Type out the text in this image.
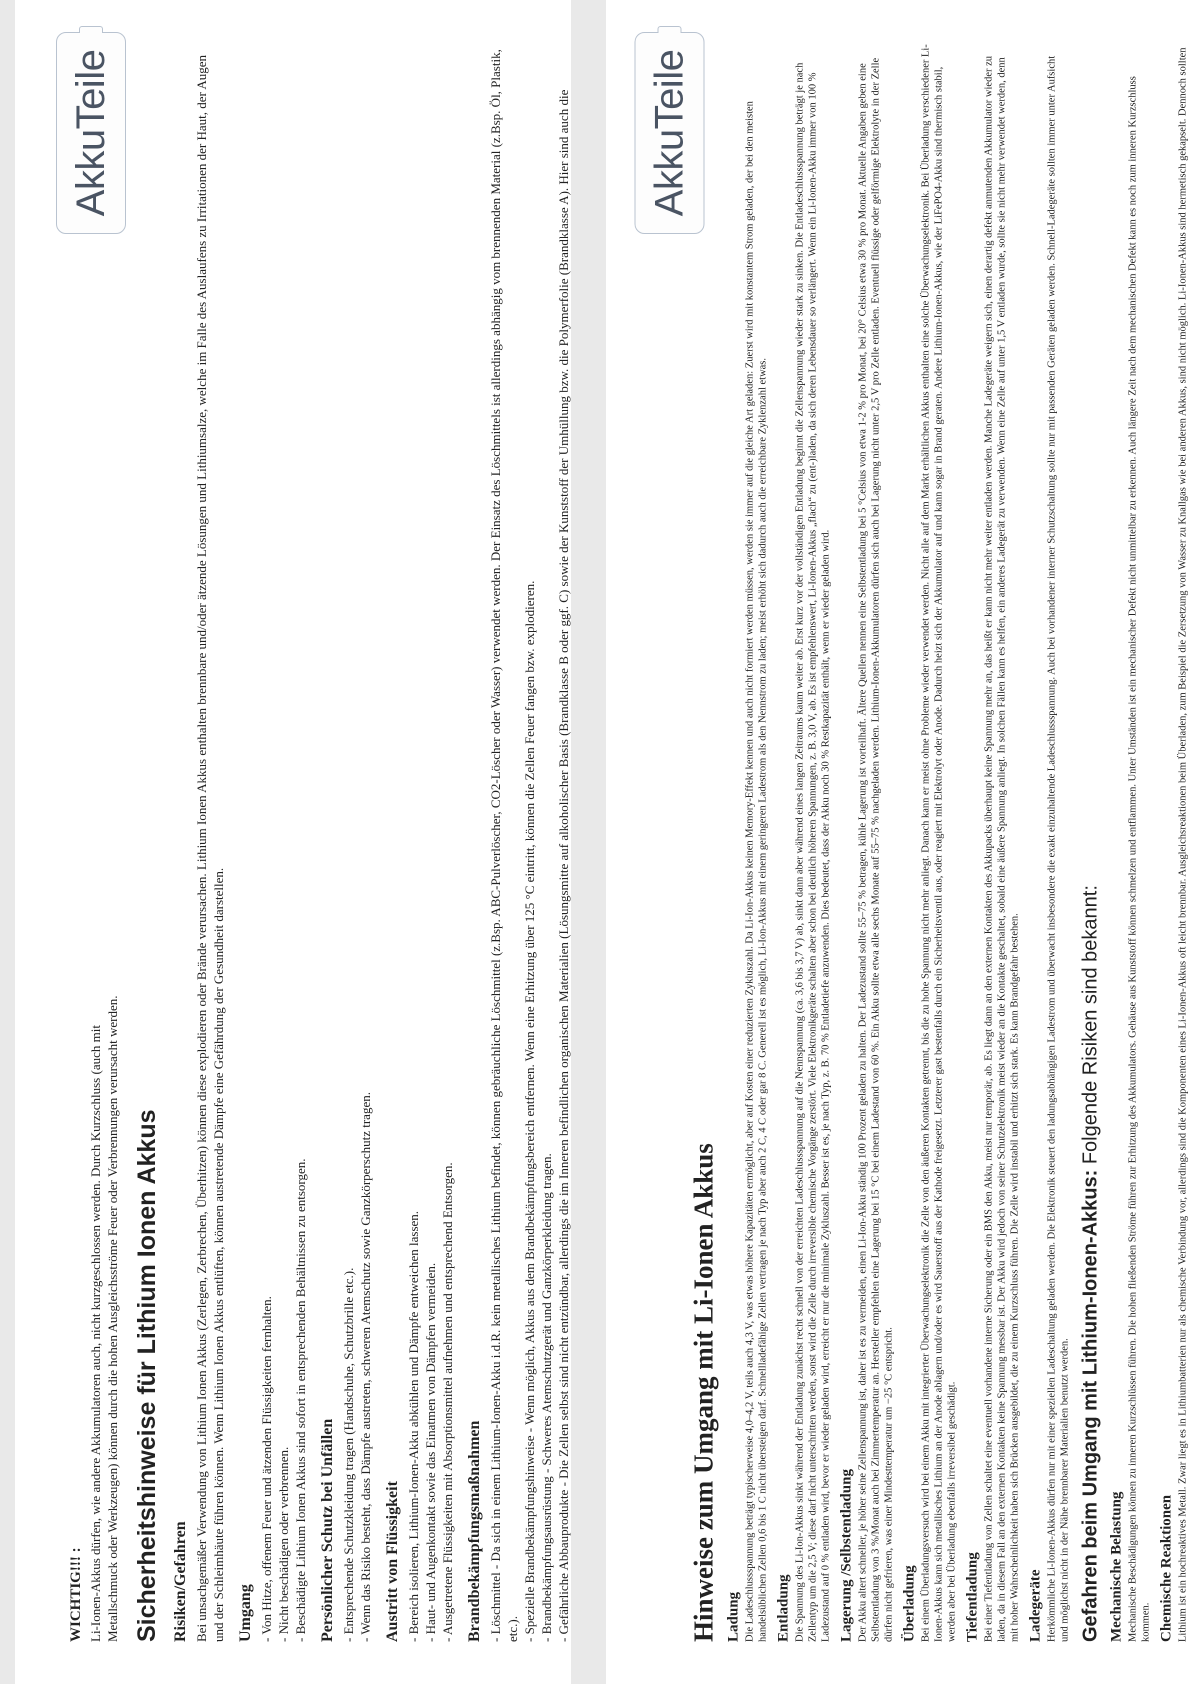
AkkuTeile
WICHTIG!!! : Li-Ionen-Akkus dürfen, wie andere Akkumulatoren auch, nicht kurzgeschlossen werden. Durch Kurzschluss (auch mit Metallschmuck oder Werkzeugen) können durch die hohen Ausgleichsströme Feuer oder Verbrennungen verursacht werden. Sicherheitshinweise für Lithium Ionen Akkus Risiken/Gefahren Bei unsachgemäßer Verwendung von Lithium Ionen Akkus (Zerlegen, Zerbrechen, Überhitzen) können diese explodieren oder Brände verursachen. Lithium Ionen Akkus enthalten brennbare und/oder ätzende Lösungen und Lithiumsalze, welche im Falle des Auslaufens zu Irritationen der Haut, der Augen und der Schleimhäute führen können. Wenn Lithium Ionen Akkus entlüften, können austretende Dämpfe eine Gefährdung der Gesundheit darstellen. Umgang - Von Hitze, offenem Feuer und ätzenden Flüssigkeiten fernhalten. - Nicht beschädigen oder verbrennen. - Beschädigte Lithium Ionen Akkus sind sofort in entsprechenden Behältnissen zu entsorgen. Persönlicher Schutz bei Unfällen - Entsprechende Schutzkleidung tragen (Handschuhe, Schutzbrille etc.). - Wenn das Risiko besteht, dass Dämpfe austreten, schweren Atemschutz sowie Ganzkörperschutz tragen. Austritt von Flüssigkeit - Bereich isolieren, Lithium-Ionen-Akku abkühlen und Dämpfe entweichen lassen. - Haut- und Augenkontakt sowie das Einatmen von Dämpfen vermeiden. - Ausgetretene Flüssigkeiten mit Absorptionsmittel aufnehmen und entsprechend Entsorgen. Brandbekämpfungsmaßnahmen - Löschmittel - Da sich in einem Lithium-Ionen-Akku i.d.R. kein metallisches Lithium befindet, können gebräuchliche Löschmittel (z.Bsp. ABC-Pulverlöscher, CO2-Löscher oder Wasser) verwendet werden. Der Einsatz des Löschmittels ist allerdings abhängig vom brennenden Material (z.Bsp. Öl, Plastik, etc.). - Spezielle Brandbekämpfungshinweise - Wenn möglich, Akkus aus dem Brandbekämpfungsbereich entfernen. Wenn eine Erhitzung über 125 °C eintritt, können die Zellen Feuer fangen bzw. explodieren. - Brandbekämpfungsausrüstung - Schweres Atemschutzgerät und Ganzkörperkleidung tragen. - Gefährliche Abbauprodukte - Die Zellen selbst sind nicht entzündbar, allerdings die im Inneren befindlichen organischen Materialien (Lösungsmitte auf alkoholischer Basis (Brandklasse B oder ggf. C) sowie der Kunststoff der Umhüllung bzw. die Polymerfolie (Brandklasse A). Hier sind auch die	AkkuTeile
Hinweise zum Umgang mit Li-Ionen Akkus Ladung Die Ladeschlussspannung beträgt typischerweise 4,0–4,2 V, teils auch 4,3 V, was etwas höhere Kapazitäten ermöglicht, aber auf Kosten einer reduzierten Zykluszahl. Da Li-Ion-Akkus keinen Memory-Effekt kennen und auch nicht formiert werden müssen, werden sie immer auf die gleiche Art geladen: Zuerst wird mit konstantem Strom geladen, der bei den meisten handelsüblichen Zellen 0,6 bis 1 C nicht übersteigen darf. Schnellladefähige Zellen vertragen je nach Typ aber auch 2 C, 4 C oder gar 8 C. Generell ist es möglich, Li-Ion-Akkus mit einem geringeren Ladestrom als den Nennstrom zu laden; meist erhöht sich dadurch auch die erreichbare Zyklenzahl etwas. Entladung Die Spannung des Li-Ion-Akkus sinkt während der Entladung zunächst recht schnell von der erreichten Ladeschlussspannung auf die Nennspannung (ca. 3,6 bis 3,7 V) ab, sinkt dann aber während eines langen Zeitraums kaum weiter ab. Erst kurz vor der vollständigen Entladung beginnt die Zellenspannung wieder stark zu sinken. Die Entladeschlussspannung beträgt je nach Zellentyp um die 2,5 V; diese darf nicht unterschritten werden, sonst wird die Zelle durch irreversible chemische Vorgänge zerstört. Viele Elektronikgeräte schalten aber schon bei deutlich höheren Spannungen, z. B. 3,0 V, ab. Es ist empfehlenswert, Li-Ionen-Akkus „flach“ zu (ent-)laden, da sich deren Lebensdauer so verlängert. Wenn ein Li-Ionen-Akku immer von 100 % Ladezustand auf 0 % entladen wird, bevor er wieder geladen wird, erreicht er nur die minimale Zykluszahl. Besser ist es, je nach Typ, z. B. 70 % Entladetiefe anzuwenden. Dies bedeutet, dass der Akku noch 30 % Restkapazität enthält, wenn er wieder geladen wird. Lagerung /Selbstentladung Der Akku altert schneller, je höher seine Zellenspannung ist, daher ist es zu vermeiden, einen Li-Ion-Akku ständig 100 Prozent geladen zu halten. Der Ladezustand sollte 55–75 % betragen, kühle Lagerung ist vorteilhaft. Ältere Quellen nennen eine Selbstentladung bei 5 °Celsius von etwa 1-2 % pro Monat, bei 20° Celsius etwa 30 % pro Monat. Aktuelle Angaben geben eine Selbstentladung von 3 %/Monat auch bei Zimmertemperatur an. Hersteller empfehlen eine Lagerung bei 15 °C bei einem Ladestand von 60 %. Ein Akku sollte etwa alle sechs Monate auf 55–75 % nachgeladen werden. Lithium-Ionen-Akkumulatoren dürfen sich auch bei Lagerung nicht unter 2,5 V pro Zelle entladen. Eventuell flüssige oder gelförmige Elektrolyte in der Zelle dürfen nicht gefrieren, was einer Mindesttemperatur um −25 °C entspricht. Überladung Bei einem Überladungsversuch wird bei einem Akku mit integrierter Überwachungselektronik die Zelle von den äußeren Kontakten getrennt, bis die zu hohe Spannung nicht mehr anliegt. Danach kann er meist ohne Probleme wieder verwendet werden. Nicht alle auf dem Markt erhältlichen Akkus enthalten eine solche Überwachungselektronik. Bei Überladung verschiedener Li-Ionen-Akkus kann sich metallisches Lithium an der Anode ablagern und/oder es wird Sauerstoff aus der Kathode freigesetzt. Letzterer gast bestenfalls durch ein Sicherheitsventil aus, oder reagiert mit Elektrolyt oder Anode. Dadurch heizt sich der Akkumulator auf und kann sogar in Brand geraten. Andere Lithium-Ionen-Akkus, wie der LiFePO4-Akku sind thermisch stabil, werden aber bei Überladung ebenfalls irreversibel geschädigt. Tiefentladung Bei einer Tiefentladung von Zellen schaltet eine eventuell vorhandene interne Sicherung oder ein BMS den Akku, meist nur temporär, ab. Es liegt dann an den externen Kontakten des Akkupacks überhaupt keine Spannung mehr an, das heißt er kann nicht mehr weiter entladen werden. Manche Ladegeräte weigern sich, einen derartig defekt anmutenden Akkumulator wieder zu laden, da in diesem Fall an den externen Kontakten keine Spannung messbar ist. Der Akku wird jedoch von seiner Schutzelektronik meist wieder an die Kontakte geschaltet, sobald eine äußere Spannung anliegt. In solchen Fällen kann es helfen, ein anderes Ladegerät zu verwenden. Wenn eine Zelle auf unter 1,5 V entladen wurde, sollte sie nicht mehr verwendet werden, denn mit hoher Wahrscheinlichkeit haben sich Brücken ausgebildet, die zu einem Kurzschluss führen. Die Zelle wird instabil und erhitzt sich stark. Es kann Brandgefahr bestehen. Ladegeräte Herkömmliche Li-Ionen-Akkus dürfen nur mit einer speziellen Ladeschaltung geladen werden. Die Elektronik steuert den ladungsabhängigen Ladestrom und überwacht insbesondere die exakt einzuhaltende Ladeschlussspannung. Auch bei vorhandener interner Schutzschaltung sollte nur mit passenden Geräten geladen werden. Schnell-Ladegeräte sollten immer unter Aufsicht und möglichst nicht in der Nähe brennbarer Materialien benutzt werden. Gefahren beim Umgang mit Lithium-Ionen-Akkus: Folgende Risiken sind bekannt:
Mechanische Belastung Mechanische Beschädigungen können zu inneren Kurzschlüssen führen. Die hohen fließenden Ströme führen zur Erhitzung des Akkumulators. Gehäuse aus Kunststoff können schmelzen und entflammen. Unter Umständen ist ein mechanischer Defekt nicht unmittelbar zu erkennen. Auch längere Zeit nach dem mechanischen Defekt kann es noch zum inneren Kurzschluss kommen. Chemische Reaktionen Lithium ist ein hochreaktives Metall. Zwar liegt es in Lithiumbatterien nur als chemische Verbindung vor, allerdings sind die Komponenten eines Li-Ionen-Akkus oft leicht brennbar. Ausgleichsreaktionen beim Überladen, zum Beispiel die Zersetzung von Wasser zu Knallgas wie bei anderen Akkus, sind nicht möglich. Li-Ionen-Akkus sind hermetisch gekapselt. Dennoch sollten
